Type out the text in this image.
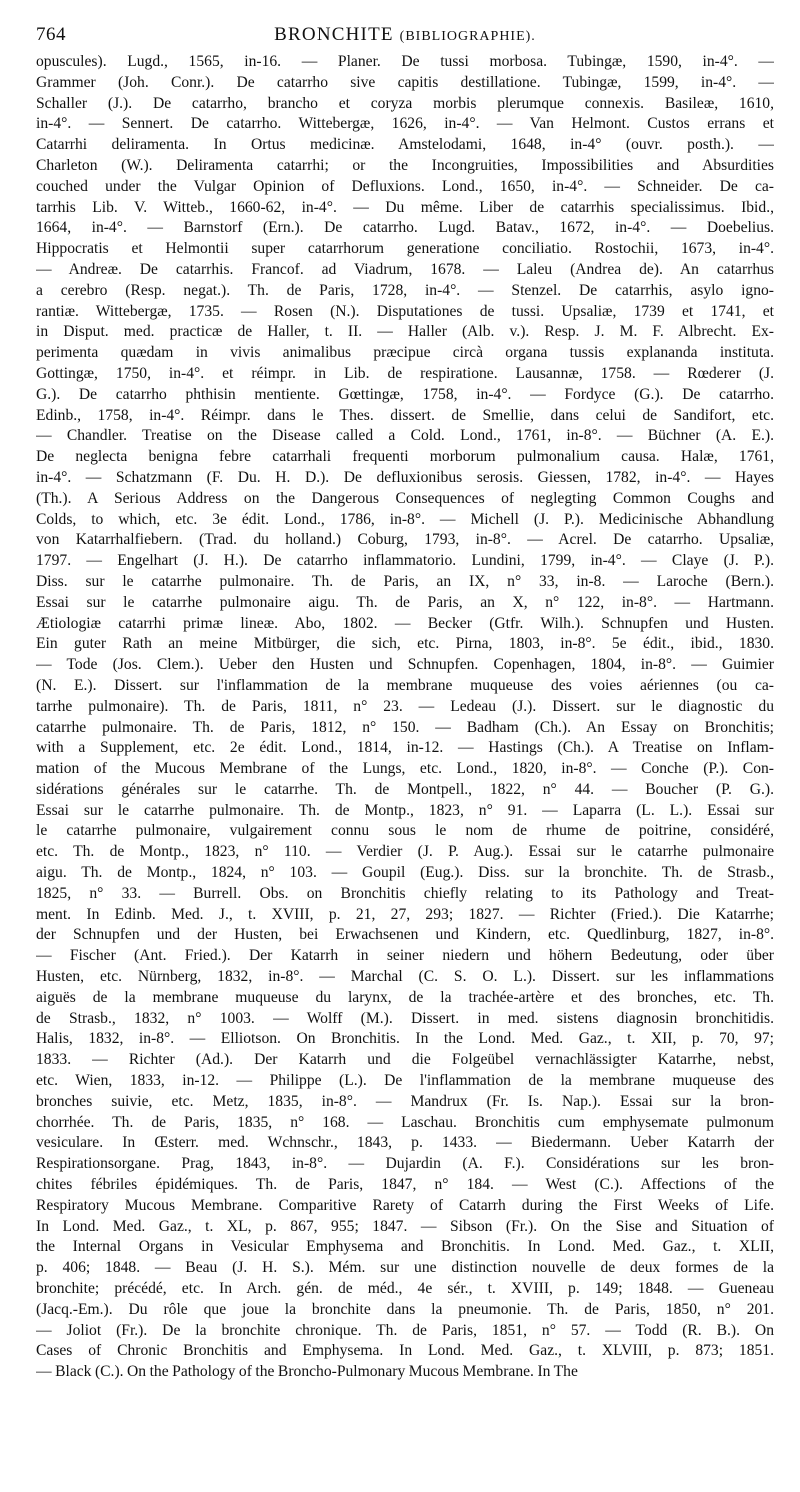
764	BRONCHITE (BIBLIOGRAPHIE).
opuscules). Lugd., 1565, in-16. — Planer. De tussi morbosa. Tubingæ, 1590, in-4°. —
Grammer (Joh. Conr.). De catarrho sive capitis destillatione. Tubingæ, 1599, in-4°. —
Schaller (J.). De catarrho, brancho et coryza morbis plerumque connexis. Basileæ, 1610,
in-4°. — Sennert. De catarrho. Wittebergæ, 1626, in-4°. — Van Helmont. Custos errans et
Catarrhi deliramenta. In Ortus medicinæ. Amstelodami, 1648, in-4° (ouvr. posth.). —
Charleton (W.). Deliramenta catarrhi; or the Incongruities, Impossibilities and Absurdities
couched under the Vulgar Opinion of Defluxions. Lond., 1650, in-4°. — Schneider. De ca-
tarrhis Lib. V. Witteb., 1660-62, in-4°. — Du même. Liber de catarrhis specialissimus. Ibid.,
1664, in-4°. — Barnstorf (Ern.). De catarrho. Lugd. Batav., 1672, in-4°. — Doebelius.
Hippocratis et Helmontii super catarrhorum generatione conciliatio. Rostochii, 1673, in-4°.
— Andreæ. De catarrhis. Francof. ad Viadrum, 1678. — Laleu (Andrea de). An catarrhus
a cerebro (Resp. negat.). Th. de Paris, 1728, in-4°. — Stenzel. De catarrhis, asylo igno-
rantiæ. Wittebergæ, 1735. — Rosen (N.). Disputationes de tussi. Upsaliæ, 1739 et 1741, et
in Disput. med. practicæ de Haller, t. II. — Haller (Alb. v.). Resp. J. M. F. Albrecht. Ex-
perimenta quædam in vivis animalibus præcipue circà organa tussis explananda instituta.
Gottingæ, 1750, in-4°. et réimpr. in Lib. de respiratione. Lausannæ, 1758. — Rœderer (J.
G.). De catarrho phthisin mentiente. Gœttingæ, 1758, in-4°. — Fordyce (G.). De catarrho.
Edinb., 1758, in-4°. Réimpr. dans le Thes. dissert. de Smellie, dans celui de Sandifort, etc.
— Chandler. Treatise on the Disease called a Cold. Lond., 1761, in-8°. — Büchner (A. E.).
De neglecta benigna febre catarrhali frequenti morborum pulmonalium causa. Halæ, 1761,
in-4°. — Schatzmann (F. Du. H. D.). De defluxionibus serosis. Giessen, 1782, in-4°. — Hayes
(Th.). A Serious Address on the Dangerous Consequences of neglegting Common Coughs and
Colds, to which, etc. 3e édit. Lond., 1786, in-8°. — Michell (J. P.). Medicinische Abhandlung
von Katarrhalfiebern. (Trad. du holland.) Coburg, 1793, in-8°. — Acrel. De catarrho. Upsaliæ,
1797. — Engelhart (J. H.). De catarrho inflammatorio. Lundini, 1799, in-4°. — Claye (J. P.).
Diss. sur le catarrhe pulmonaire. Th. de Paris, an IX, n° 33, in-8. — Laroche (Bern.).
Essai sur le catarrhe pulmonaire aigu. Th. de Paris, an X, n° 122, in-8°. — Hartmann.
Ætiologiæ catarrhi primæ lineæ. Abo, 1802. — Becker (Gtfr. Wilh.). Schnupfen und Husten.
Ein guter Rath an meine Mitbürger, die sich, etc. Pirna, 1803, in-8°. 5e édit., ibid., 1830.
— Tode (Jos. Clem.). Ueber den Husten und Schnupfen. Copenhagen, 1804, in-8°. — Guimier
(N. E.). Dissert. sur l'inflammation de la membrane muqueuse des voies aériennes (ou ca-
tarrhe pulmonaire). Th. de Paris, 1811, n° 23. — Ledeau (J.). Dissert. sur le diagnostic du
catarrhe pulmonaire. Th. de Paris, 1812, n° 150. — Badham (Ch.). An Essay on Bronchitis;
with a Supplement, etc. 2e édit. Lond., 1814, in-12. — Hastings (Ch.). A Treatise on Inflam-
mation of the Mucous Membrane of the Lungs, etc. Lond., 1820, in-8°. — Conche (P.). Con-
sidérations générales sur le catarrhe. Th. de Montpell., 1822, n° 44. — Boucher (P. G.).
Essai sur le catarrhe pulmonaire. Th. de Montp., 1823, n° 91. — Laparra (L. L.). Essai sur
le catarrhe pulmonaire, vulgairement connu sous le nom de rhume de poitrine, considéré,
etc. Th. de Montp., 1823, n° 110. — Verdier (J. P. Aug.). Essai sur le catarrhe pulmonaire
aigu. Th. de Montp., 1824, n° 103. — Goupil (Eug.). Diss. sur la bronchite. Th. de Strasb.,
1825, n° 33. — Burrell. Obs. on Bronchitis chiefly relating to its Pathology and Treat-
ment. In Edinb. Med. J., t. XVIII, p. 21, 27, 293; 1827. — Richter (Fried.). Die Katarrhe;
der Schnupfen und der Husten, bei Erwachsenen und Kindern, etc. Quedlinburg, 1827, in-8°.
— Fischer (Ant. Fried.). Der Katarrh in seiner niedern und höhern Bedeutung, oder über
Husten, etc. Nürnberg, 1832, in-8°. — Marchal (C. S. O. L.). Dissert. sur les inflammations
aiguës de la membrane muqueuse du larynx, de la trachée-artère et des bronches, etc. Th.
de Strasb., 1832, n° 1003. — Wolff (M.). Dissert. in med. sistens diagnosin bronchitidis.
Halis, 1832, in-8°. — Elliotson. On Bronchitis. In the Lond. Med. Gaz., t. XII, p. 70, 97;
1833. — Richter (Ad.). Der Katarrh und die Folgeübel vernachlässigter Katarrhe, nebst,
etc. Wien, 1833, in-12. — Philippe (L.). De l'inflammation de la membrane muqueuse des
bronches suivie, etc. Metz, 1835, in-8°. — Mandrux (Fr. Is. Nap.). Essai sur la bron-
chorrhée. Th. de Paris, 1835, n° 168. — Laschau. Bronchitis cum emphysemate pulmonum
vesiculare. In Œsterr. med. Wchnschr., 1843, p. 1433. — Biedermann. Ueber Katarrh der
Respirationsorgane. Prag, 1843, in-8°. — Dujardin (A. F.). Considérations sur les bron-
chites fébriles épidémiques. Th. de Paris, 1847, n° 184. — West (C.). Affections of the
Respiratory Mucous Membrane. Comparitive Rarety of Catarrh during the First Weeks of Life.
In Lond. Med. Gaz., t. XL, p. 867, 955; 1847. — Sibson (Fr.). On the Sise and Situation of
the Internal Organs in Vesicular Emphysema and Bronchitis. In Lond. Med. Gaz., t. XLII,
p. 406; 1848. — Beau (J. H. S.). Mém. sur une distinction nouvelle de deux formes de la
bronchite; précédé, etc. In Arch. gén. de méd., 4e sér., t. XVIII, p. 149; 1848. — Gueneau
(Jacq.-Em.). Du rôle que joue la bronchite dans la pneumonie. Th. de Paris, 1850, n° 201.
— Joliot (Fr.). De la bronchite chronique. Th. de Paris, 1851, n° 57. — Todd (R. B.). On
Cases of Chronic Bronchitis and Emphysema. In Lond. Med. Gaz., t. XLVIII, p. 873; 1851.
— Black (C.). On the Pathology of the Broncho-Pulmonary Mucous Membrane. In The
